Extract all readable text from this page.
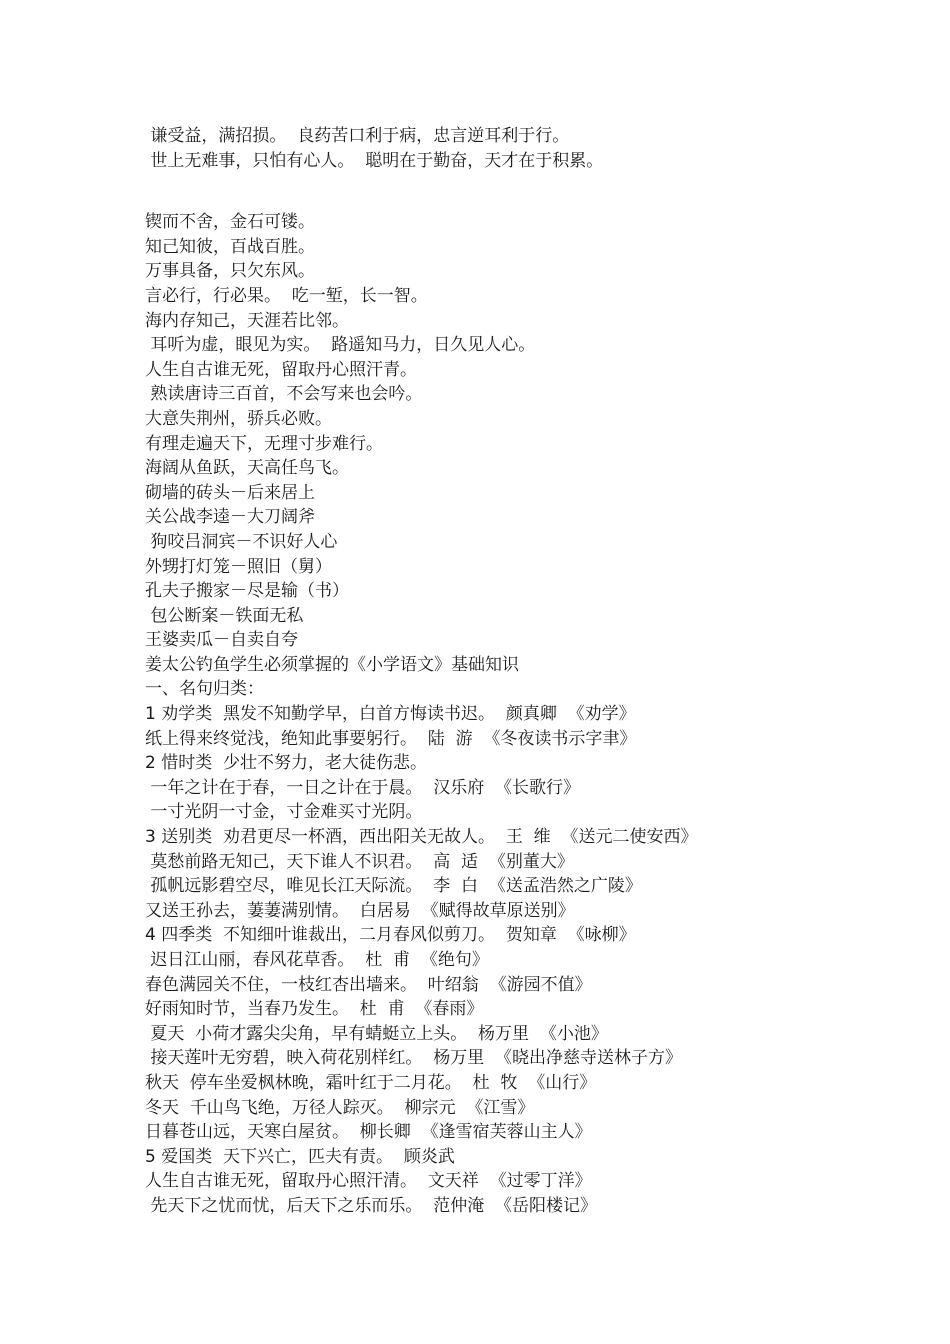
谦受益，满招损。  良药苦口利于病，忠言逆耳利于行。
世上无难事，只怕有心人。  聪明在于勤奋，天才在于积累。
锲而不舍，金石可镂。
知己知彼，百战百胜。
万事具备，只欠东风。
言必行，行必果。  吃一堑，长一智。
海内存知己，天涯若比邻。
耳听为虚，眼见为实。  路遥知马力，日久见人心。
人生自古谁无死，留取丹心照汗青。
熟读唐诗三百首，不会写来也会吟。
大意失荆州，骄兵必败。
有理走遍天下，无理寸步难行。
海阔从鱼跃，天高任鸟飞。
砌墙的砖头－后来居上
关公战李逵－大刀阔斧
狗咬吕洞宾－不识好人心
外甥打灯笼－照旧（舅）
孔夫子搬家－尽是输（书）
包公断案－铁面无私
王婆卖瓜－自卖自夸
姜太公钓鱼学生必须掌握的《小学语文》基础知识
一、名句归类：
1 劝学类  黑发不知勤学早，白首方悔读书迟。  颜真卿  《劝学》
纸上得来终觉浅，绝知此事要躬行。  陆  游  《冬夜读书示字聿》
2 惜时类  少壮不努力，老大徒伤悲。
一年之计在于春，一日之计在于晨。  汉乐府  《长歌行》
一寸光阴一寸金，寸金难买寸光阴。
3 送别类  劝君更尽一杯酒，西出阳关无故人。  王  维  《送元二使安西》
莫愁前路无知己，天下谁人不识君。  高  适  《别董大》
孤帆远影碧空尽，唯见长江天际流。  李  白  《送孟浩然之广陵》
又送王孙去，萋萋满别情。  白居易  《赋得故草原送别》
4 四季类  不知细叶谁裁出，二月春风似剪刀。  贺知章  《咏柳》
迟日江山丽，春风花草香。  杜  甫  《绝句》
春色满园关不住，一枝红杏出墙来。  叶绍翁  《游园不值》
好雨知时节，当春乃发生。  杜  甫  《春雨》
夏天  小荷才露尖尖角，早有蜻蜓立上头。  杨万里  《小池》
接天莲叶无穷碧，映入荷花别样红。  杨万里  《晓出净慈寺送林子方》
秋天  停车坐爱枫林晚，霜叶红于二月花。  杜  牧  《山行》
冬天  千山鸟飞绝，万径人踪灭。  柳宗元  《江雪》
日暮苍山远，天寒白屋贫。  柳长卿  《逢雪宿芙蓉山主人》
5 爱国类  天下兴亡，匹夫有责。  顾炎武
人生自古谁无死，留取丹心照汗清。  文天祥  《过零丁洋》
先天下之忧而忧，后天下之乐而乐。  范仲淹  《岳阳楼记》
